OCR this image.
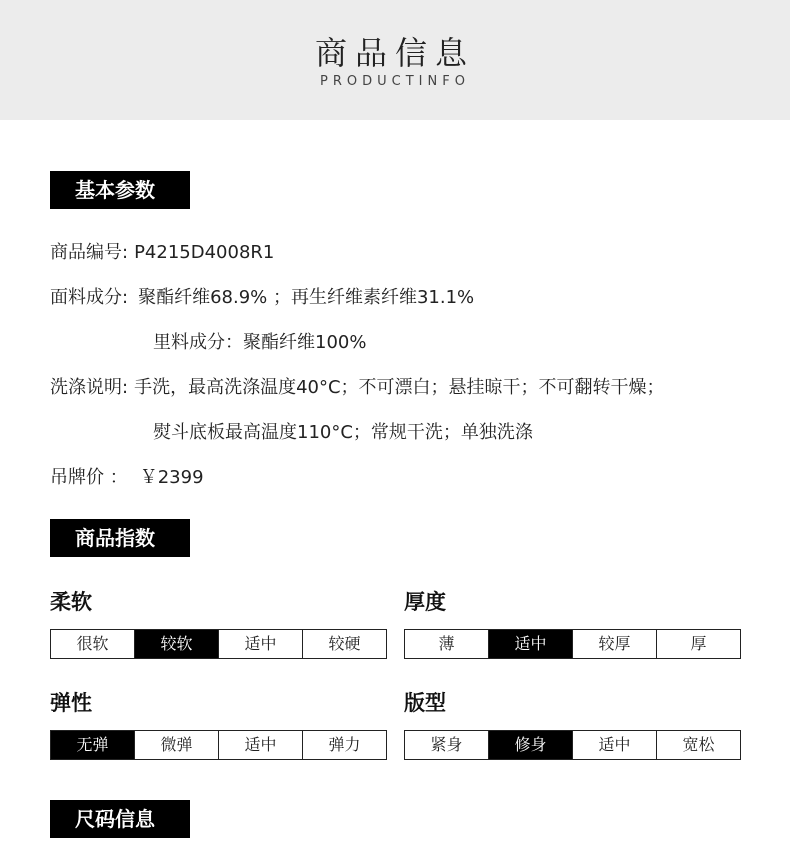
商品信息
PRODUCTINFO
基本参数
商品编号: P4215D4008R1
面料成分: 聚酯纤维68.9% ；再生纤维素纤维31.1%
里料成分：聚酯纤维100%
洗涤说明: 手洗，最高洗涤温度40°C；不可漂白；悬挂晾干；不可翻转干燥；
熨斗底板最高温度110°C；常规干洗；单独洗涤
吊牌价 ： ￥2399
商品指数
柔软
很软	较软	适中	较硬
厚度
薄	适中	较厚	厚
弹性
无弹	微弹	适中	弹力
版型
紧身	修身	适中	宽松
尺码信息
